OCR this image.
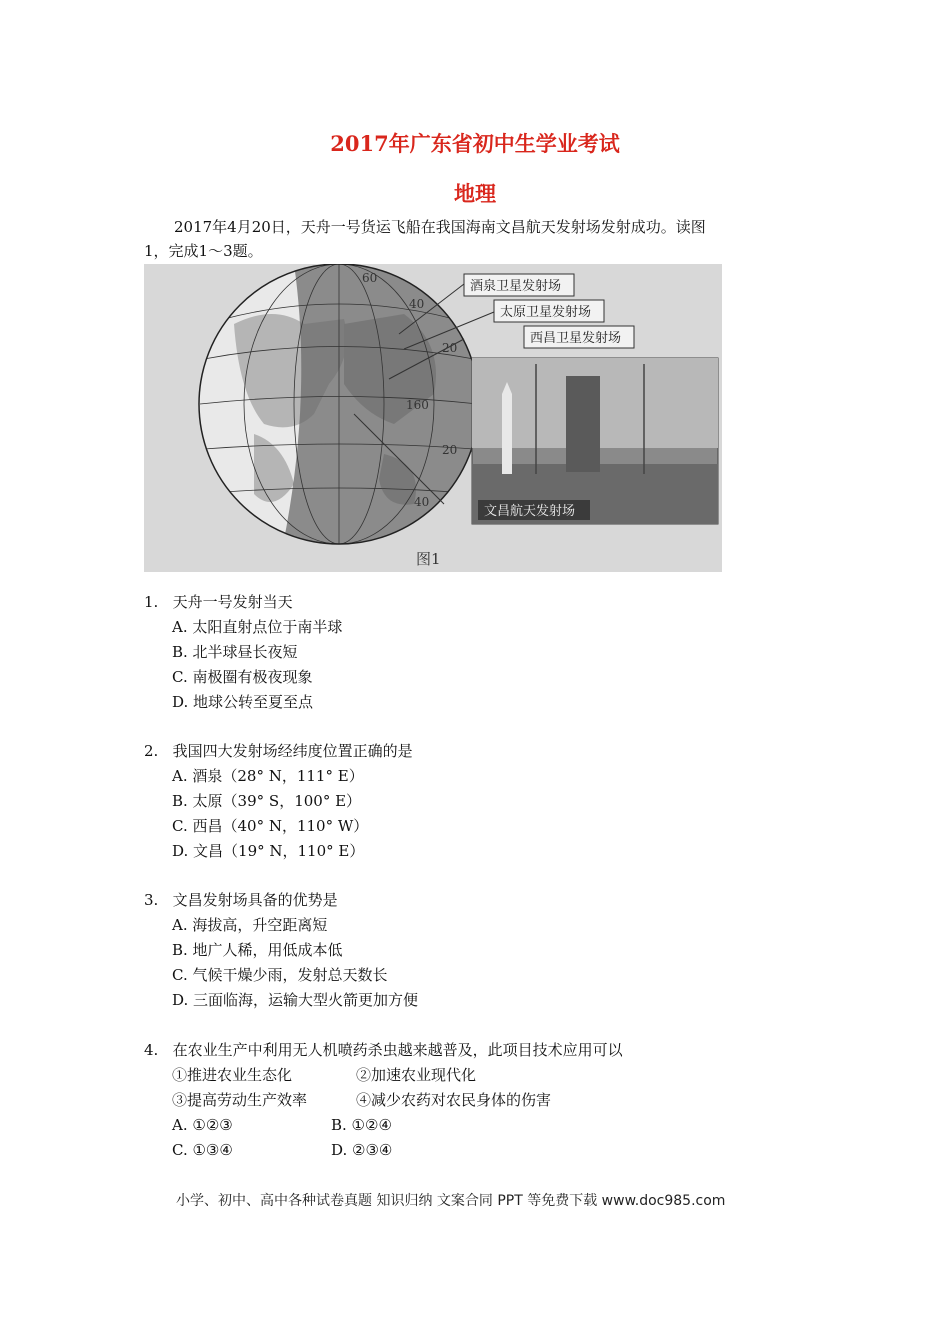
2017年广东省初中生学业考试
地理
2017年4月20日，天舟一号货运飞船在我国海南文昌航天发射场发射成功。读图
1，完成1～3题。
酒泉卫星发射场
太原卫星发射场
西昌卫星发射场
60
40
20
160
20
40
文昌航天发射场
图1
1. 天舟一号发射当天
A. 太阳直射点位于南半球
B. 北半球昼长夜短
C. 南极圈有极夜现象
D. 地球公转至夏至点
2. 我国四大发射场经纬度位置正确的是
A. 酒泉（28° N，111° E）
B. 太原（39° S，100° E）
C. 西昌（40° N，110° W）
D. 文昌（19° N，110° E）
3. 文昌发射场具备的优势是
A. 海拔高，升空距离短
B. 地广人稀，用低成本低
C. 气候干燥少雨，发射总天数长
D. 三面临海，运输大型火箭更加方便
4. 在农业生产中利用无人机喷药杀虫越来越普及，此项目技术应用可以
①推进农业生态化	②加速农业现代化
③提高劳动生产效率	④减少农药对农民身体的伤害
A. ①②③	B. ①②④
C. ①③④	D. ②③④
小学、初中、高中各种试卷真题 知识归纳 文案合同 PPT 等免费下载 www.doc985.com
